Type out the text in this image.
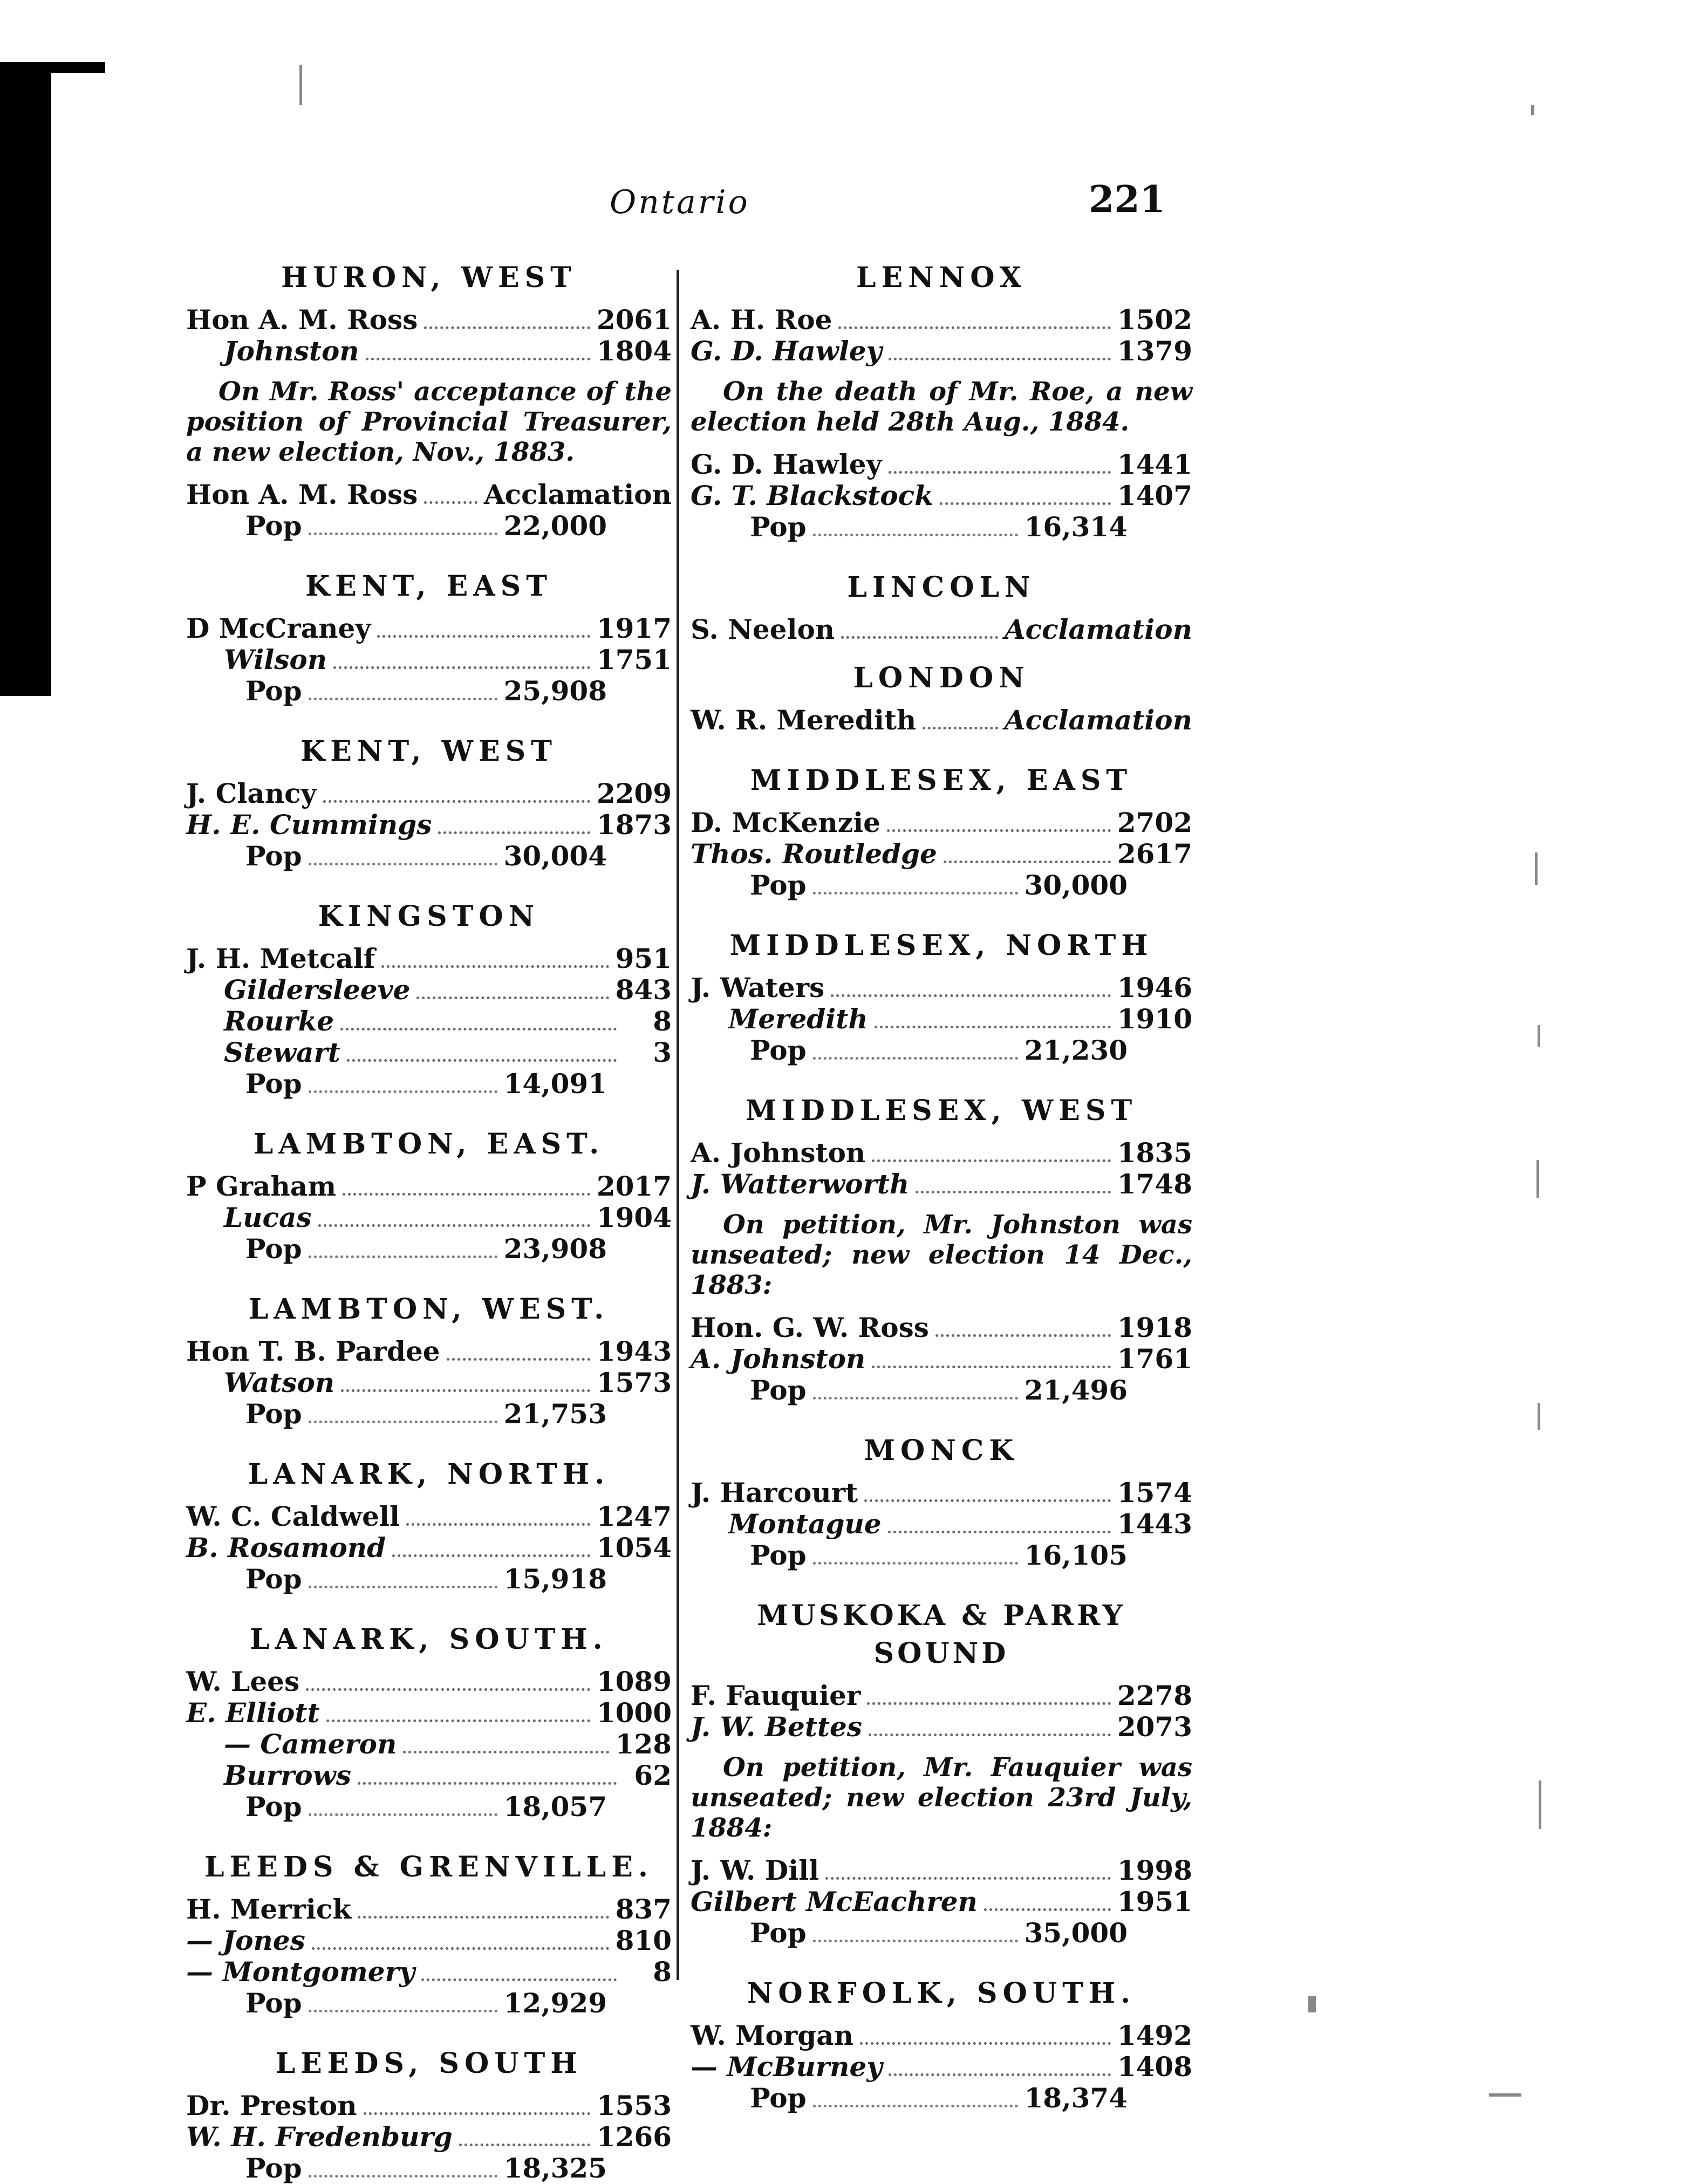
Ontario	221
HURON, WEST
Hon A. M. Ross	2061
Johnston	1804
On Mr. Ross' acceptance of the position of Provincial Treasurer, a new election, Nov., 1883.
Hon A. M. Ross Acclamation
Pop	22,000
KENT, EAST
D McCraney	1917
Wilson	1751
Pop	25,908
KENT, WEST
J. Clancy	2209
H. E. Cummings	1873
Pop	30,004
KINGSTON
J. H. Metcalf	951
Gildersleeve	843
Rourke	8
Stewart	3
Pop	14,091
LAMBTON, EAST.
P Graham	2017
Lucas	1904
Pop	23,908
LAMBTON, WEST.
Hon T. B. Pardee	1943
Watson	1573
Pop	21,753
LANARK, NORTH.
W. C. Caldwell	1247
B. Rosamond	1054
Pop	15,918
LANARK, SOUTH.
W. Lees	1089
E. Elliott	1000
— Cameron	128
Burrows	62
Pop	18,057
LEEDS & GRENVILLE.
H. Merrick	837
— Jones	810
— Montgomery	8
Pop	12,929
LEEDS, SOUTH
Dr. Preston	1553
W. H. Fredenburg	1266
Pop	18,325
LENNOX
A. H. Roe	1502
G. D. Hawley	1379
On the death of Mr. Roe, a new election held 28th Aug., 1884.
G. D. Hawley	1441
G. T. Blackstock	1407
Pop	16,314
LINCOLN
S. Neelon	Acclamation
LONDON
W. R. Meredith	Acclamation
MIDDLESEX, EAST
D. McKenzie	2702
Thos. Routledge	2617
Pop	30,000
MIDDLESEX, NORTH
J. Waters	1946
Meredith	1910
Pop	21,230
MIDDLESEX, WEST
A. Johnston	1835
J. Watterworth	1748
On petition, Mr. Johnston was unseated; new election 14 Dec., 1883:
Hon. G. W. Ross	1918
A. Johnston	1761
Pop	21,496
MONCK
J. Harcourt	1574
Montague	1443
Pop	16,105
MUSKOKA & PARRY SOUND
F. Fauquier	2278
J. W. Bettes	2073
On petition, Mr. Fauquier was unseated; new election 23rd July, 1884:
J. W. Dill	1998
Gilbert McEachren	1951
Pop	35,000
NORFOLK, SOUTH.
W. Morgan	1492
— McBurney	1408
Pop	18,374
